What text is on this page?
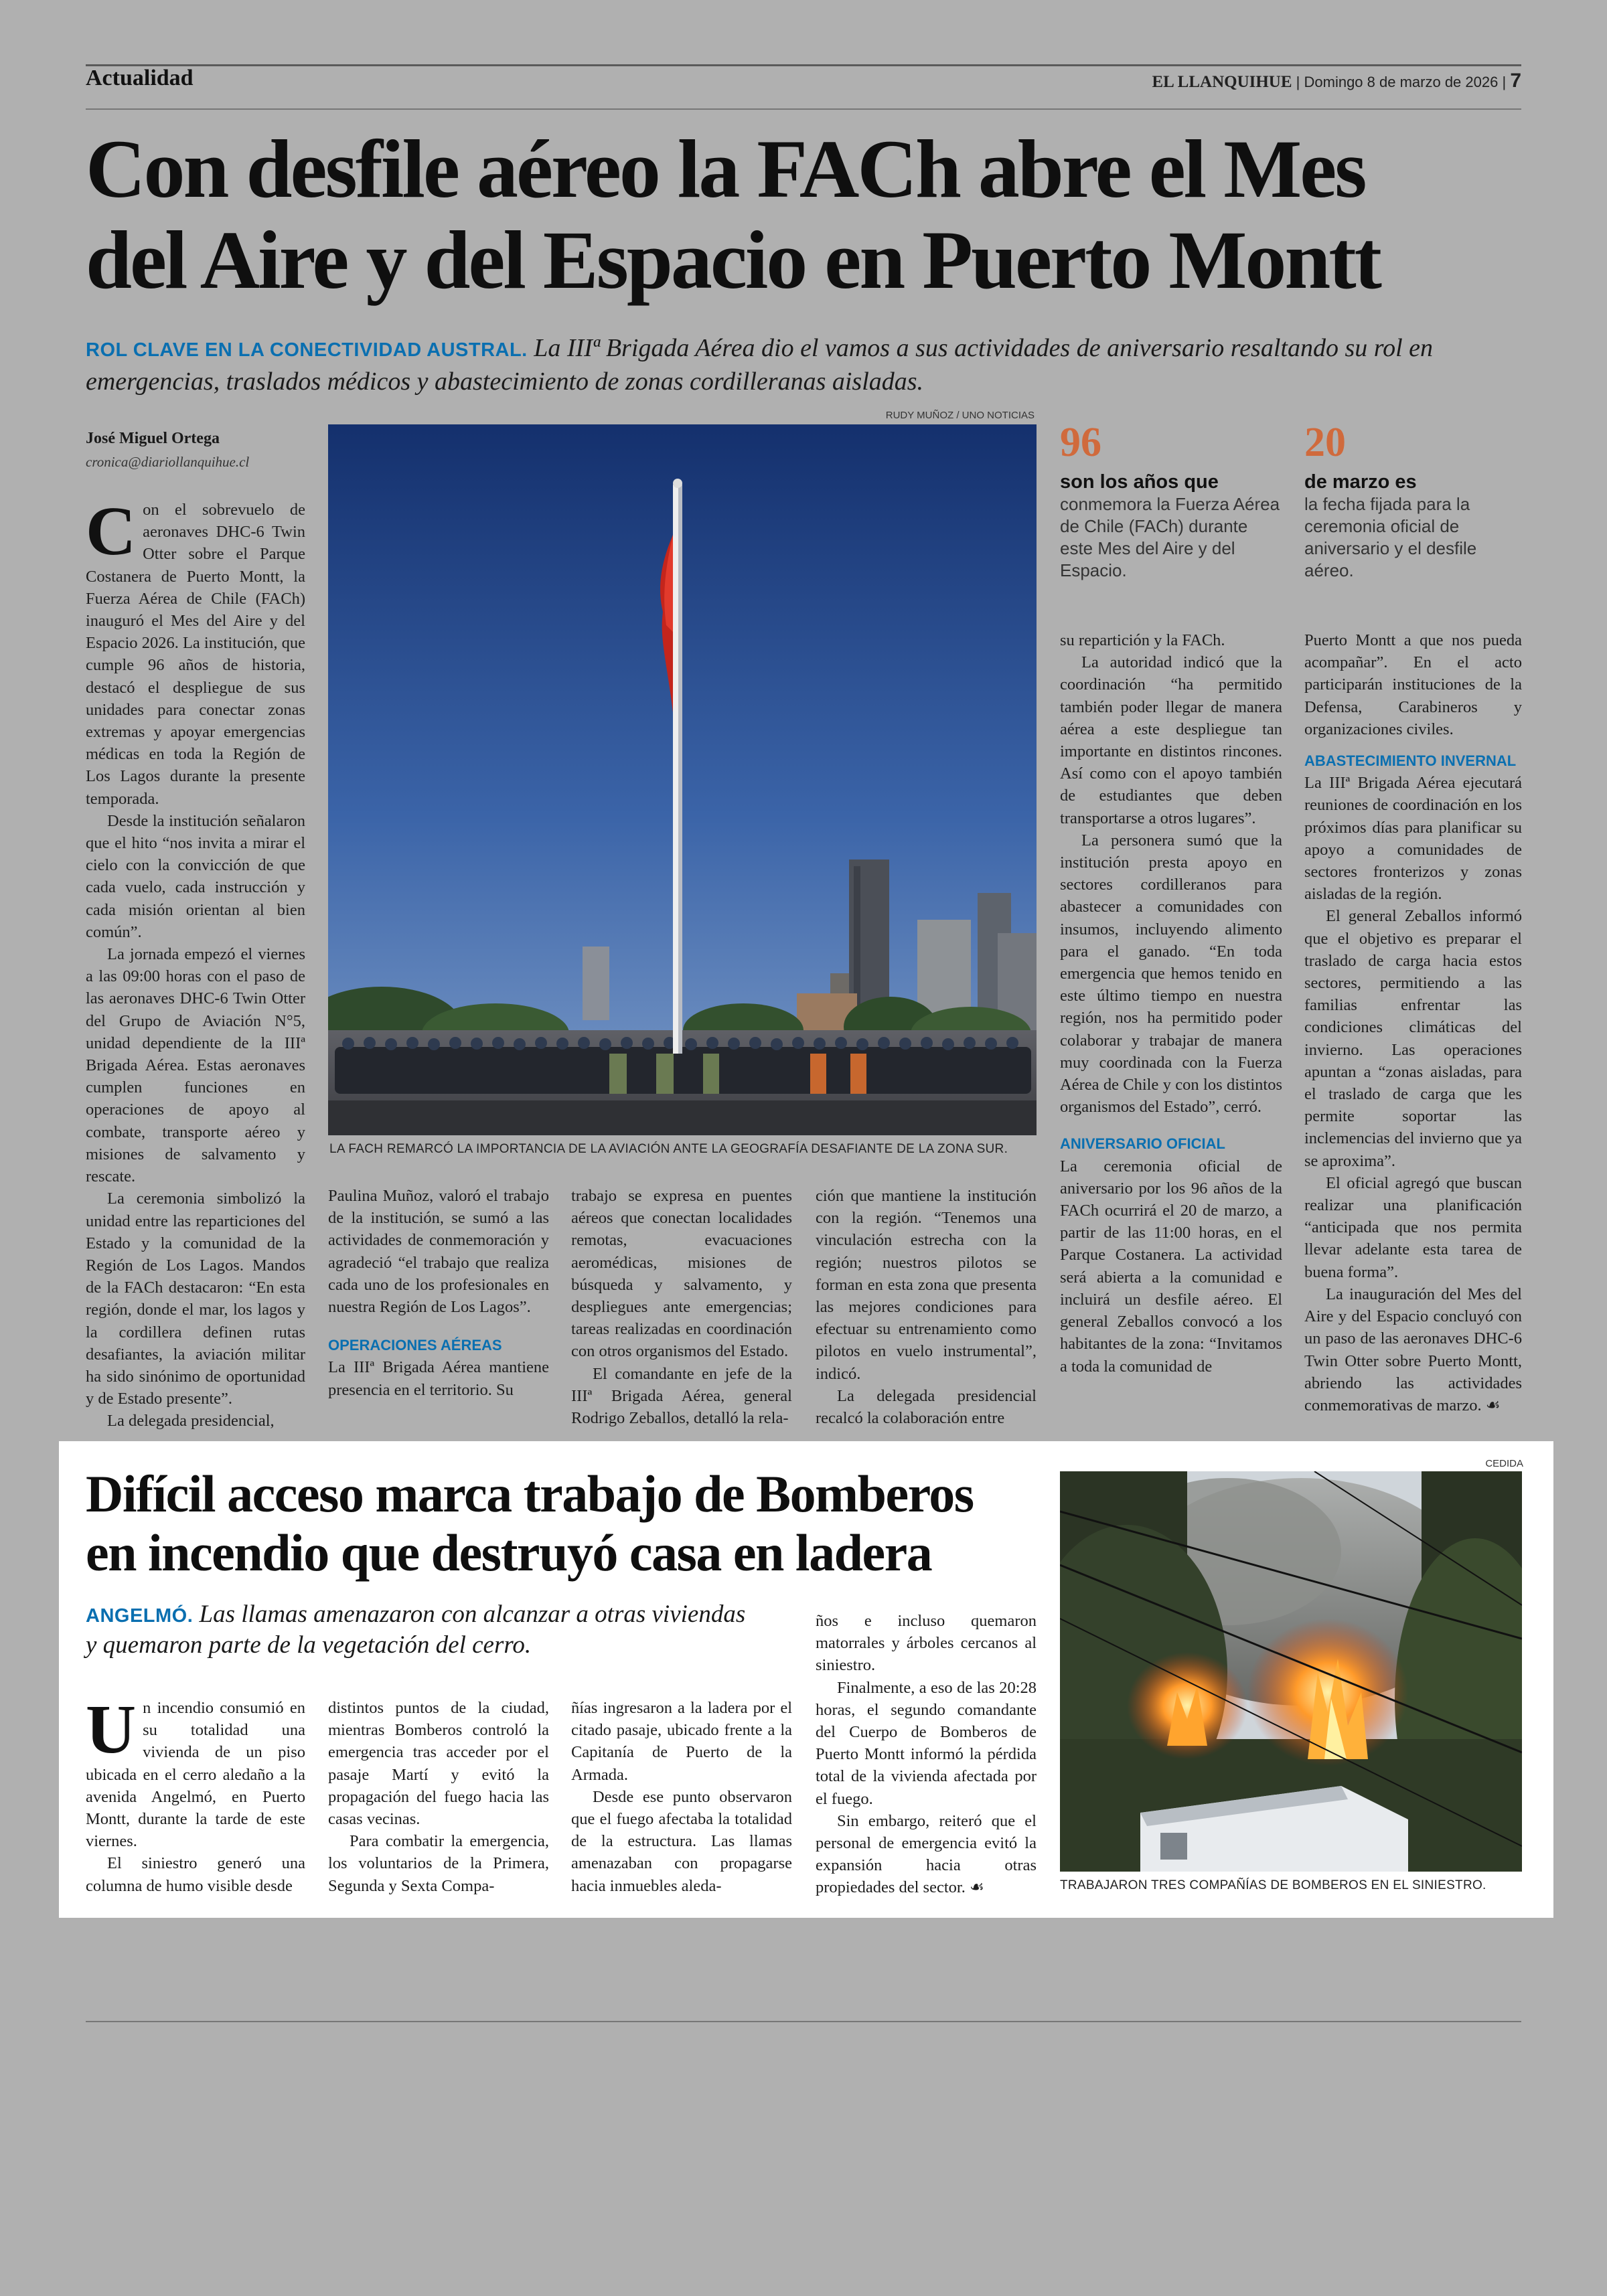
Actualidad	EL LLANQUIHUE | Domingo 8 de marzo de 2026 | 7
Con desfile aéreo la FACh abre el Mes
del Aire y del Espacio en Puerto Montt
ROL CLAVE EN LA CONECTIVIDAD AUSTRAL. La IIIª Brigada Aérea dio el vamos a sus actividades de aniversario resaltando su rol en emergencias, traslados médicos y abastecimiento de zonas cordilleranas aisladas.
José Miguel Ortega
cronica@diariollanquihue.cl
RUDY MUÑOZ / UNO NOTICIAS
LA FACH REMARCÓ LA IMPORTANCIA DE LA AVIACIÓN ANTE LA GEOGRAFÍA DESAFIANTE DE LA ZONA SUR.
96
son los años que conmemora la Fuerza Aérea de Chile (FACh) durante este Mes del Aire y del Espacio.
20
de marzo es
la fecha fijada para la ceremonia oficial de aniversario y el desfile aéreo.

Con el sobrevuelo de aeronaves DHC-6 Twin Otter sobre el Parque Costanera de Puerto Montt, la Fuerza Aérea de Chile (FACh) inauguró el Mes del Aire y del Espacio 2026. La institución, que cumple 96 años de historia, destacó el despliegue de sus unidades para conectar zonas extremas y apoyar emergencias médicas en toda la Región de Los Lagos durante la presente temporada.

Desde la institución señalaron que el hito “nos invita a mirar el cielo con la convicción de que cada vuelo, cada instrucción y cada misión orientan al bien común”.

La jornada empezó el viernes a las 09:00 horas con el paso de las aeronaves DHC-6 Twin Otter del Grupo de Aviación N°5, unidad dependiente de la IIIª Brigada Aérea. Estas aeronaves cumplen funciones en operaciones de apoyo al combate, transporte aéreo y misiones de salvamento y rescate.

La ceremonia simbolizó la unidad entre las reparticiones del Estado y la comunidad de la Región de Los Lagos. Mandos de la FACh destacaron: “En esta región, donde el mar, los lagos y la cordillera definen rutas desafiantes, la aviación militar ha sido sinónimo de oportunidad y de Estado presente”.

La delegada presidencial,

Paulina Muñoz, valoró el trabajo de la institución, se sumó a las actividades de conmemoración y agradeció “el trabajo que realiza cada uno de los profesionales en nuestra Región de Los Lagos”.

OPERACIONES AÉREAS

La IIIª Brigada Aérea mantiene presencia en el territorio. Su

trabajo se expresa en puentes aéreos que conectan localidades remotas, evacuaciones aeromédicas, misiones de búsqueda y salvamento, y despliegues ante emergencias; tareas realizadas en coordinación con otros organismos del Estado.

El comandante en jefe de la IIIª Brigada Aérea, general Rodrigo Zeballos, detalló la rela-

ción que mantiene la institución con la región. “Tenemos una vinculación estrecha con la región; nuestros pilotos se forman en esta zona que presenta las mejores condiciones para efectuar su entrenamiento como pilotos en vuelo instrumental”, indicó.

La delegada presidencial recalcó la colaboración entre

su repartición y la FACh.

La autoridad indicó que la coordinación “ha permitido también poder llegar de manera aérea a este despliegue tan importante en distintos rincones. Así como con el apoyo también de estudiantes que deben transportarse a otros lugares”.

La personera sumó que la institución presta apoyo en sectores cordilleranos para abastecer a comunidades con insumos, incluyendo alimento para el ganado. “En toda emergencia que hemos tenido en este último tiempo en nuestra región, nos ha permitido poder colaborar y trabajar de manera muy coordinada con la Fuerza Aérea de Chile y con los distintos organismos del Estado”, cerró.

ANIVERSARIO OFICIAL

La ceremonia oficial de aniversario por los 96 años de la FACh ocurrirá el 20 de marzo, a partir de las 11:00 horas, en el Parque Costanera. La actividad será abierta a la comunidad e incluirá un desfile aéreo. El general Zeballos convocó a los habitantes de la zona: “Invitamos a toda la comunidad de

Puerto Montt a que nos pueda acompañar”. En el acto participarán instituciones de la Defensa, Carabineros y organizaciones civiles.

ABASTECIMIENTO INVERNAL

La IIIª Brigada Aérea ejecutará reuniones de coordinación en los próximos días para planificar su apoyo a comunidades de sectores fronterizos y zonas aisladas de la región.

El general Zeballos informó que el objetivo es preparar el traslado de carga hacia estos sectores, permitiendo a las familias enfrentar las condiciones climáticas del invierno. Las operaciones apuntan a “zonas aisladas, para el traslado de carga que les permite soportar las inclemencias del invierno que ya se aproxima”.

El oficial agregó que buscan realizar una planificación “anticipada que nos permita llevar adelante esta tarea de buena forma”.

La inauguración del Mes del Aire y del Espacio concluyó con un paso de las aeronaves DHC-6 Twin Otter sobre Puerto Montt, abriendo las actividades conmemorativas de marzo. ☙

Difícil acceso marca trabajo de Bomberos
en incendio que destruyó casa en ladera
ANGELMÓ. Las llamas amenazaron con alcanzar a otras viviendas y quemaron parte de la vegetación del cerro.

Un incendio consumió en su totalidad una vivienda de un piso ubicada en el cerro aledaño a la avenida Angelmó, en Puerto Montt, durante la tarde de este viernes.

El siniestro generó una columna de humo visible desde

distintos puntos de la ciudad, mientras Bomberos controló la emergencia tras acceder por el pasaje Martí y evitó la propagación del fuego hacia las casas vecinas.

Para combatir la emergencia, los voluntarios de la Primera, Segunda y Sexta Compa-

ñías ingresaron a la ladera por el citado pasaje, ubicado frente a la Capitanía de Puerto de la Armada.

Desde ese punto observaron que el fuego afectaba la totalidad de la estructura. Las llamas amenazaban con propagarse hacia inmuebles aleda-

ños e incluso quemaron matorrales y árboles cercanos al siniestro.

Finalmente, a eso de las 20:28 horas, el segundo comandante del Cuerpo de Bomberos de Puerto Montt informó la pérdida total de la vivienda afectada por el fuego.

Sin embargo, reiteró que el personal de emergencia evitó la expansión hacia otras propiedades del sector. ☙

CEDIDA
TRABAJARON TRES COMPAÑÍAS DE BOMBEROS EN EL SINIESTRO.
